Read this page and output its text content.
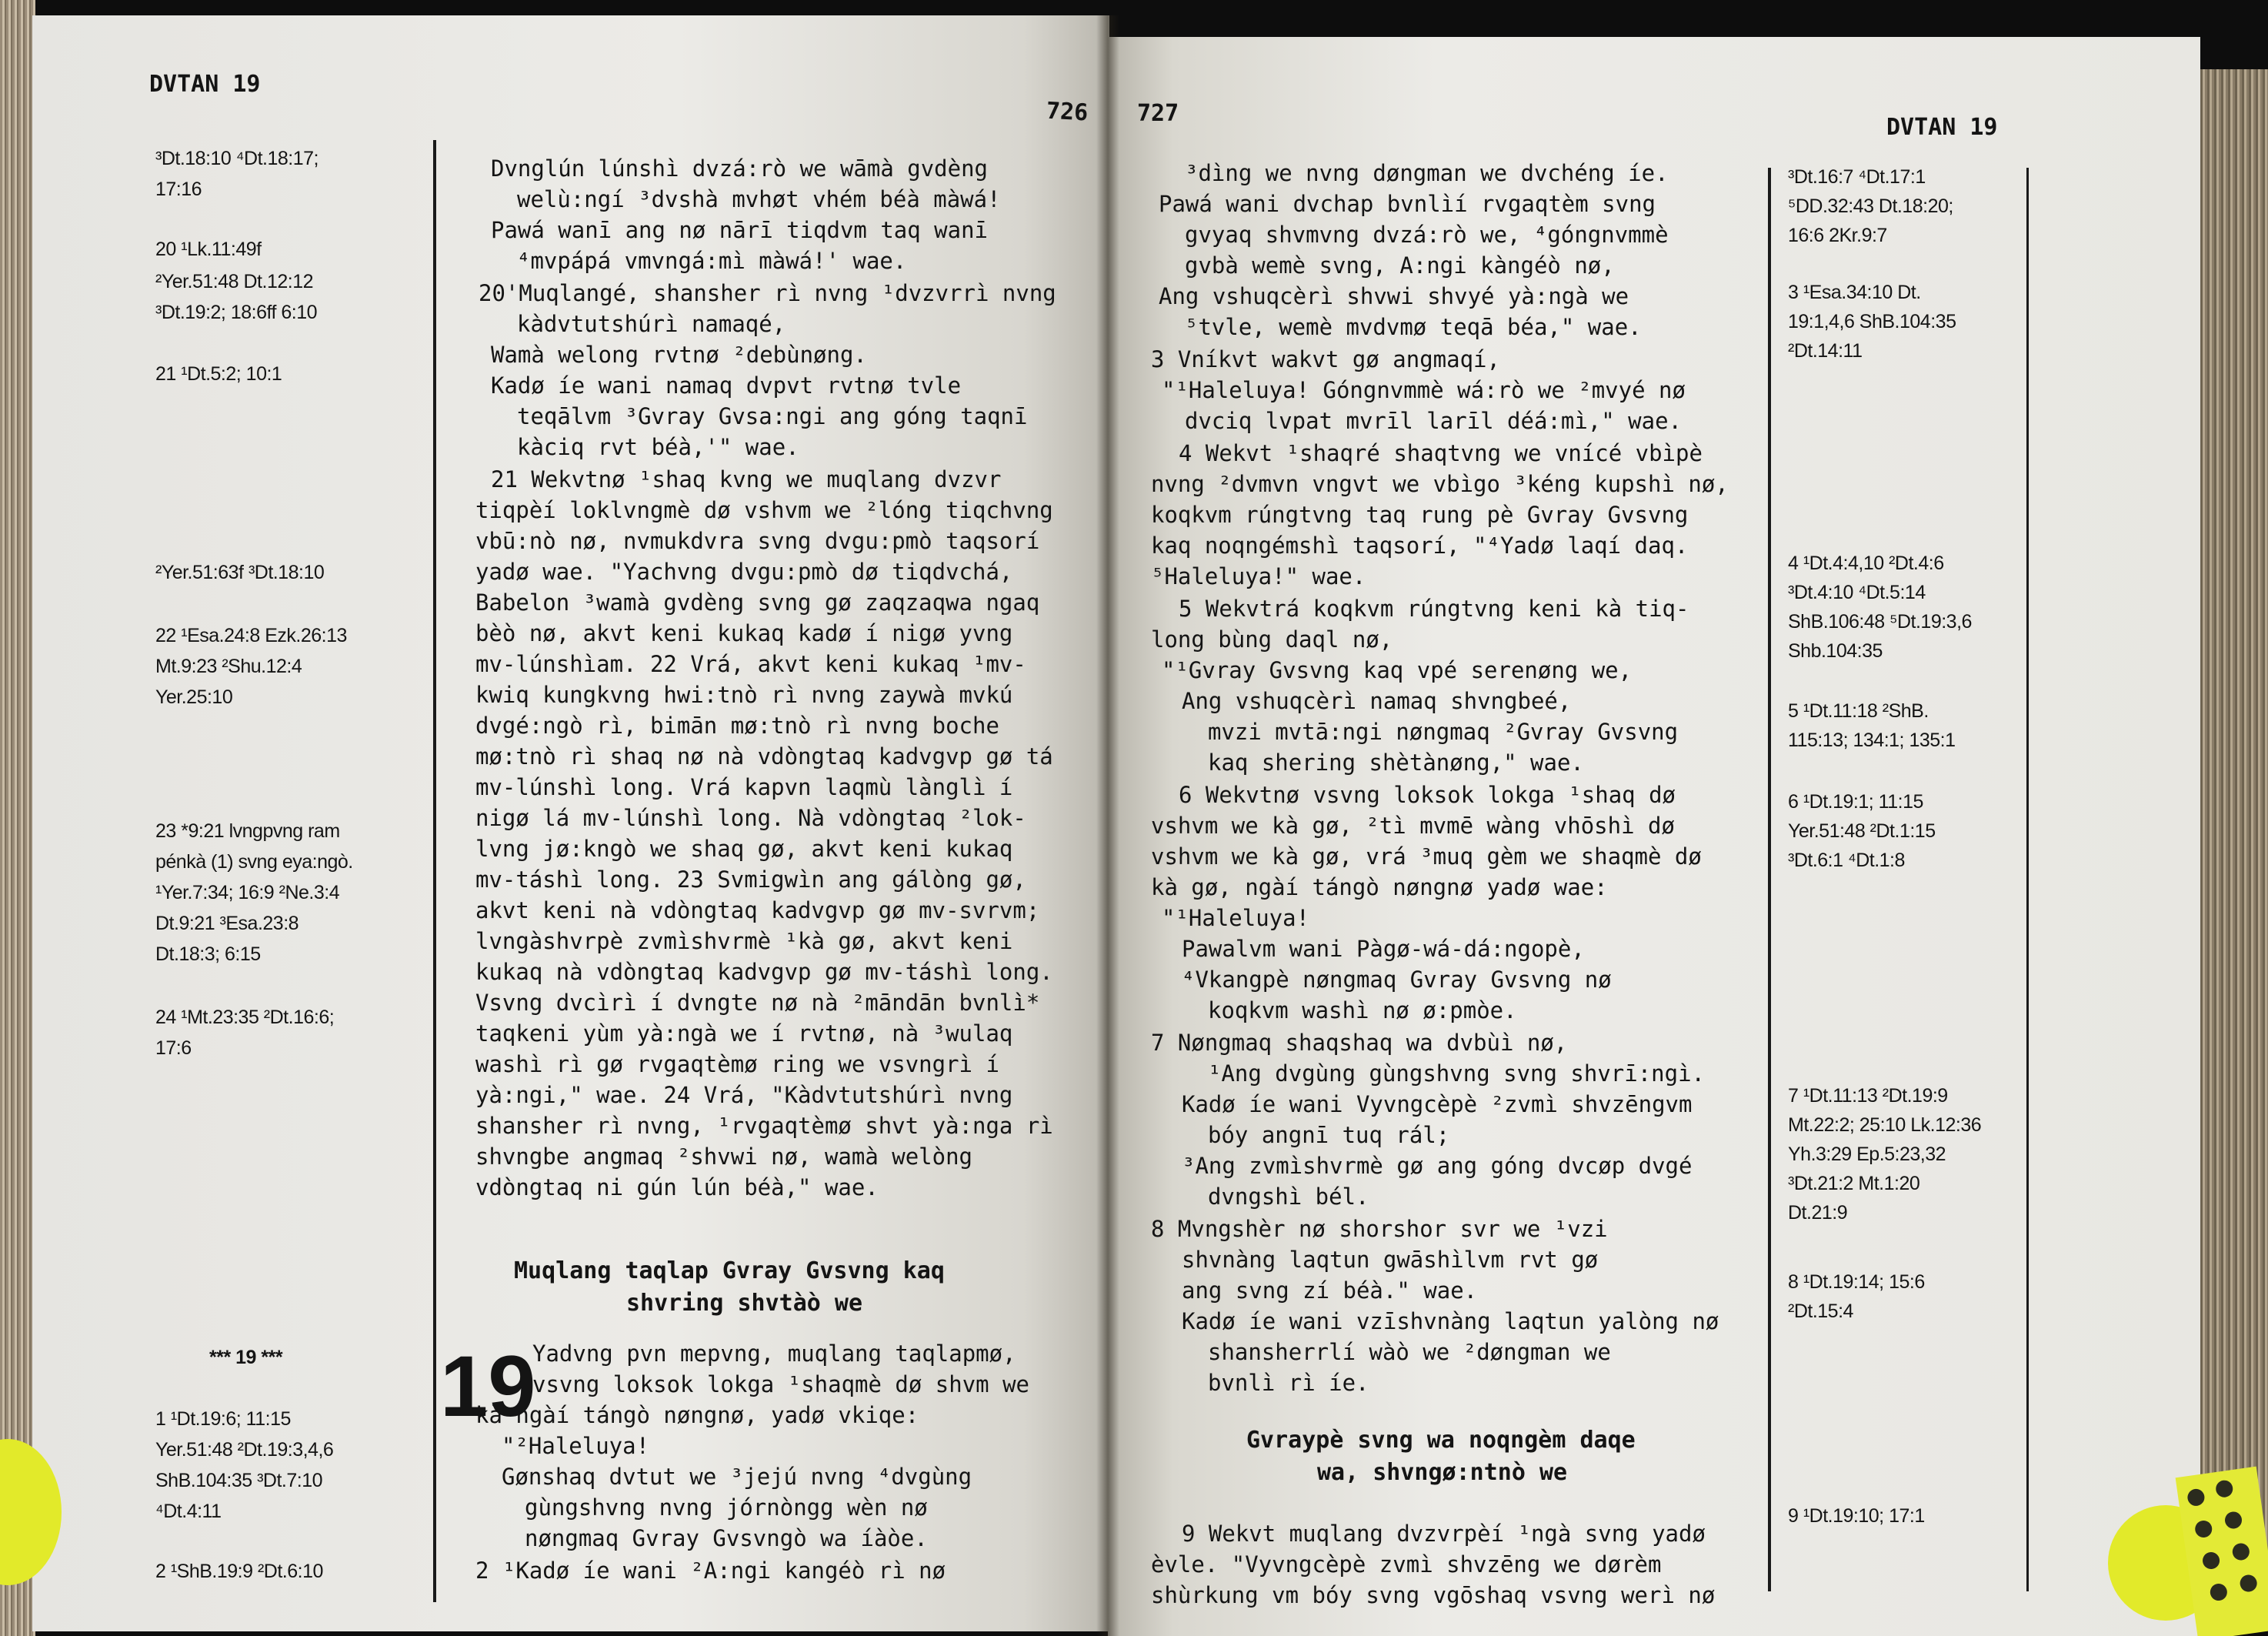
DVTAN 19
726
³Dt.18:10 ⁴Dt.18:17;
17:16
20 ¹Lk.11:49f
²Yer.51:48 Dt.12:12
³Dt.19:2; 18:6ff 6:10
21 ¹Dt.5:2; 10:1
²Yer.51:63f ³Dt.18:10
22 ¹Esa.24:8 Ezk.26:13
Mt.9:23 ²Shu.12:4
Yer.25:10
23 *9:21 lvngpvng ram
pénkà (1) svng eya:ngò.
¹Yer.7:34; 16:9 ²Ne.3:4
Dt.9:21 ³Esa.23:8
Dt.18:3; 6:15
24 ¹Mt.23:35 ²Dt.16:6;
17:6
*** 19 ***
1 ¹Dt.19:6; 11:15
Yer.51:48 ²Dt.19:3,4,6
ShB.104:35 ³Dt.7:10
⁴Dt.4:11
2 ¹ShB.19:9 ²Dt.6:10
Dvnglún lúnshì dvzá:rò we wāmà gvdèng
welù:ngí ³dvshà mvhøt vhém béà màwá!
Pawá wanī ang nø nārī tiqdvm taq wanī
⁴mvpápá vmvngá:mì màwá!' wae.
20'Muqlangé, shansher rì nvng ¹dvzvrrì nvng
kàdvtutshúrì namaqé,
Wamà welong rvtnø ²debùnøng.
Kadø íe wani namaq dvpvt rvtnø tvle
teqālvm ³Gvray Gvsa:ngi ang góng taqnī
kàciq rvt béà,'" wae.
21 Wekvtnø ¹shaq kvng we muqlang dvzvr
tiqpèí loklvngmè dø vshvm we ²lóng tiqchvng
vbū:nò nø, nvmukdvra svng dvgu:pmò taqsorí
yadø wae. "Yachvng dvgu:pmò dø tiqdvchá,
Babelon ³wamà gvdèng svng gø zaqzaqwa ngaq
bèò nø, akvt keni kukaq kadø í nigø yvng
mv-lúnshìam. 22 Vrá, akvt keni kukaq ¹mv-
kwiq kungkvng hwi:tnò rì nvng zaywà mvkú
dvgé:ngò rì, bimān mø:tnò rì nvng boche
mø:tnò rì shaq nø nà vdòngtaq kadvgvp gø tá
mv-lúnshì long. Vrá kapvn laqmù lànglì í
nigø lá mv-lúnshì long. Nà vdòngtaq ²lok-
lvng jø:kngò we shaq gø, akvt keni kukaq
mv-táshì long. 23 Svmigwìn ang gálòng gø,
akvt keni nà vdòngtaq kadvgvp gø mv-svrvm;
lvngàshvrpè zvmìshvrmè ¹kà gø, akvt keni
kukaq nà vdòngtaq kadvgvp gø mv-táshì long.
Vsvng dvcìrì í dvngte nø nà ²māndān bvnlì*
taqkeni yùm yà:ngà we í rvtnø, nà ³wulaq
washì rì gø rvgaqtèmø ring we vsvngrì í
yà:ngi," wae. 24 Vrá, "Kàdvtutshúrì nvng
shansher rì nvng, ¹rvgaqtèmø shvt yà:nga rì
shvngbe angmaq ²shvwi nø, wamà welòng
vdòngtaq ni gún lún béà," wae.
Muqlang taqlap Gvray Gvsvng kaq
shvring shvtàò we
19
Yadvng pvn mepvng, muqlang taqlapmø,
vsvng loksok lokga ¹shaqmè dø shvm we
kà ngàí tángò nøngnø, yadø vkiqe:
"²Haleluya!
Gønshaq dvtut we ³jejú nvng ⁴dvgùng
gùngshvng nvng jórnòngg wèn nø
nøngmaq Gvray Gvsvngò wa íàòe.
2 ¹Kadø íe wani ²A:ngi kangéò rì nø
727
DVTAN 19
³dìng we nvng døngman we dvchéng íe.
Pawá wani dvchap bvnlìí rvgaqtèm svng
gvyaq shvmvng dvzá:rò we, ⁴góngnvmmè
gvbà wemè svng, A:ngi kàngéò nø,
Ang vshuqcèrì shvwi shvyé yà:ngà we
⁵tvle, wemè mvdvmø teqā béa," wae.
3 Vníkvt wakvt gø angmaqí,
"¹Haleluya! Góngnvmmè wá:rò we ²mvyé nø
dvciq lvpat mvrīl larīl déá:mì," wae.
4 Wekvt ¹shaqré shaqtvng we vnícé vbìpè
nvng ²dvmvn vngvt we vbìgo ³kéng kupshì nø,
koqkvm rúngtvng taq rung pè Gvray Gvsvng
kaq noqngémshì taqsorí, "⁴Yadø laqí daq.
⁵Haleluya!" wae.
5 Wekvtrá koqkvm rúngtvng keni kà tiq-
long bùng daql nø,
"¹Gvray Gvsvng kaq vpé serenøng we,
Ang vshuqcèrì namaq shvngbeé,
mvzi mvtā:ngi nøngmaq ²Gvray Gvsvng
kaq shering shètànøng," wae.
6 Wekvtnø vsvng loksok lokga ¹shaq dø
vshvm we kà gø, ²tì mvmē wàng vhōshì dø
vshvm we kà gø, vrá ³muq gèm we shaqmè dø
kà gø, ngàí tángò nøngnø yadø wae:
"¹Haleluya!
Pawalvm wani Pàgø-wá-dá:ngopè,
⁴Vkangpè nøngmaq Gvray Gvsvng nø
koqkvm washì nø ø:pmòe.
7 Nøngmaq shaqshaq wa dvbùì nø,
¹Ang dvgùng gùngshvng svng shvrī:ngì.
Kadø íe wani Vyvngcèpè ²zvmì shvzēngvm
bóy angnī tuq rál;
³Ang zvmìshvrmè gø ang góng dvcøp dvgé
dvngshì bél.
8 Mvngshèr nø shorshor svr we ¹vzi
shvnàng laqtun gwāshìlvm rvt gø
ang svng zí béà." wae.
Kadø íe wani vzīshvnàng laqtun yalòng nø
shansherrlí wàò we ²døngman we
bvnlì rì íe.
Gvraypè svng wa noqngèm daqe
wa, shvngø:ntnò we
9 Wekvt muqlang dvzvrpèí ¹ngà svng yadø
èvle. "Vyvngcèpè zvmì shvzēng we dørèm
shùrkung vm bóy svng vgōshaq vsvng werì nø
³Dt.16:7 ⁴Dt.17:1
⁵DD.32:43 Dt.18:20;
16:6 2Kr.9:7
3 ¹Esa.34:10 Dt.
19:1,4,6 ShB.104:35
²Dt.14:11
4 ¹Dt.4:4,10 ²Dt.4:6
³Dt.4:10 ⁴Dt.5:14
ShB.106:48 ⁵Dt.19:3,6
Shb.104:35
5 ¹Dt.11:18 ²ShB.
115:13; 134:1; 135:1
6 ¹Dt.19:1; 11:15
Yer.51:48 ²Dt.1:15
³Dt.6:1 ⁴Dt.1:8
7 ¹Dt.11:13 ²Dt.19:9
Mt.22:2; 25:10 Lk.12:36
Yh.3:29 Ep.5:23,32
³Dt.21:2 Mt.1:20
Dt.21:9
8 ¹Dt.19:14; 15:6
²Dt.15:4
9 ¹Dt.19:10; 17:1
